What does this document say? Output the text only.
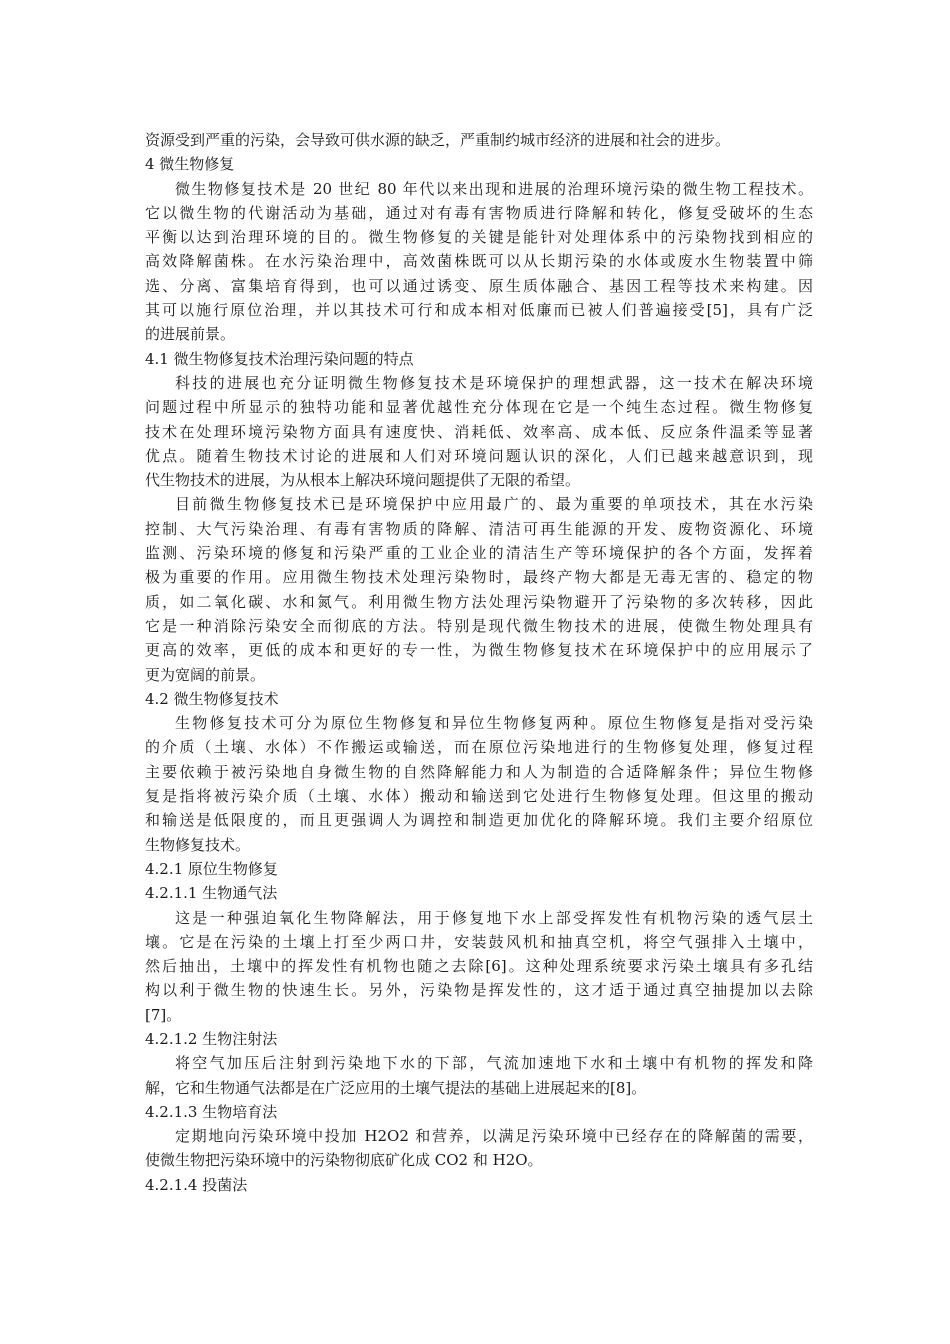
资源受到严重的污染，会导致可供水源的缺乏，严重制约城市经济的进展和社会的进步。
4 微生物修复
微生物修复技术是 20 世纪 80 年代以来出现和进展的治理环境污染的微生物工程技术。
它以微生物的代谢活动为基础，通过对有毒有害物质进行降解和转化，修复受破坏的生态
平衡以达到治理环境的目的。微生物修复的关键是能针对处理体系中的污染物找到相应的
高效降解菌株。在水污染治理中，高效菌株既可以从长期污染的水体或废水生物装置中筛
选、分离、富集培育得到，也可以通过诱变、原生质体融合、基因工程等技术来构建。因
其可以施行原位治理，并以其技术可行和成本相对低廉而已被人们普遍接受[5]，具有广泛
的进展前景。
4.1 微生物修复技术治理污染问题的特点
科技的进展也充分证明微生物修复技术是环境保护的理想武器，这一技术在解决环境
问题过程中所显示的独特功能和显著优越性充分体现在它是一个纯生态过程。微生物修复
技术在处理环境污染物方面具有速度快、消耗低、效率高、成本低、反应条件温柔等显著
优点。随着生物技术讨论的进展和人们对环境问题认识的深化，人们已越来越意识到，现
代生物技术的进展，为从根本上解决环境问题提供了无限的希望。
目前微生物修复技术已是环境保护中应用最广的、最为重要的单项技术，其在水污染
控制、大气污染治理、有毒有害物质的降解、清洁可再生能源的开发、废物资源化、环境
监测、污染环境的修复和污染严重的工业企业的清洁生产等环境保护的各个方面，发挥着
极为重要的作用。应用微生物技术处理污染物时，最终产物大都是无毒无害的、稳定的物
质，如二氧化碳、水和氮气。利用微生物方法处理污染物避开了污染物的多次转移，因此
它是一种消除污染安全而彻底的方法。特别是现代微生物技术的进展，使微生物处理具有
更高的效率，更低的成本和更好的专一性，为微生物修复技术在环境保护中的应用展示了
更为宽阔的前景。
4.2 微生物修复技术
生物修复技术可分为原位生物修复和异位生物修复两种。原位生物修复是指对受污染
的介质（土壤、水体）不作搬运或输送，而在原位污染地进行的生物修复处理，修复过程
主要依赖于被污染地自身微生物的自然降解能力和人为制造的合适降解条件；异位生物修
复是指将被污染介质（土壤、水体）搬动和输送到它处进行生物修复处理。但这里的搬动
和输送是低限度的，而且更强调人为调控和制造更加优化的降解环境。我们主要介绍原位
生物修复技术。
4.2.1 原位生物修复
4.2.1.1 生物通气法
这是一种强迫氧化生物降解法，用于修复地下水上部受挥发性有机物污染的透气层土
壤。它是在污染的土壤上打至少两口井，安装鼓风机和抽真空机，将空气强排入土壤中，
然后抽出，土壤中的挥发性有机物也随之去除[6]。这种处理系统要求污染土壤具有多孔结
构以利于微生物的快速生长。另外，污染物是挥发性的，这才适于通过真空抽提加以去除
[7]。
4.2.1.2 生物注射法
将空气加压后注射到污染地下水的下部，气流加速地下水和土壤中有机物的挥发和降
解，它和生物通气法都是在广泛应用的土壤气提法的基础上进展起来的[8]。
4.2.1.3 生物培育法
定期地向污染环境中投加 H2O2 和营养，以满足污染环境中已经存在的降解菌的需要，
使微生物把污染环境中的污染物彻底矿化成 CO2 和 H2O。
4.2.1.4 投菌法
